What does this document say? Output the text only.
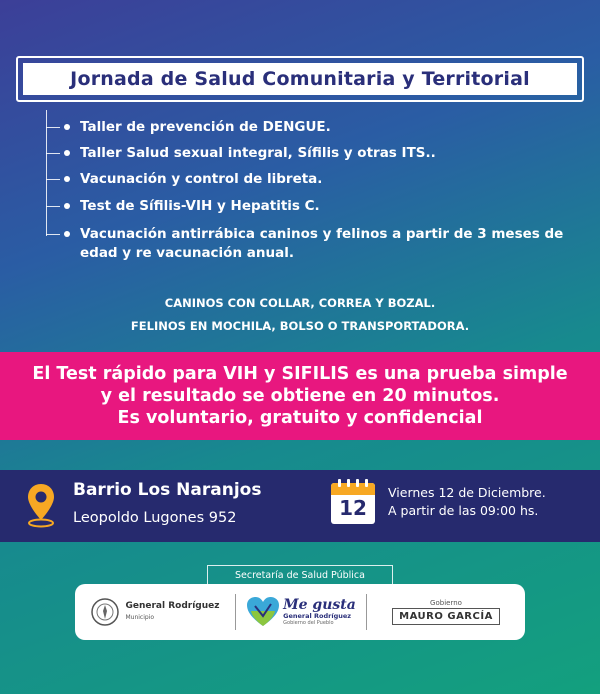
Jornada de Salud Comunitaria y Territorial
Taller de prevención de DENGUE.
Taller Salud sexual integral, Sífilis y otras ITS..
Vacunación y control de libreta.
Test de Sífilis-VIH y Hepatitis C.
Vacunación antirrábica caninos y felinos a partir de 3 meses de edad y re vacunación anual.
CANINOS CON COLLAR, CORREA Y BOZAL.
FELINOS EN MOCHILA, BOLSO O TRANSPORTADORA.
El Test rápido para VIH y SIFILIS es una prueba simple
y el resultado se obtiene en 20 minutos.
Es voluntario, gratuito y confidencial
Barrio Los Naranjos
Leopoldo Lugones 952	12
Viernes 12 de Diciembre.
A partir de las 09:00 hs.
Secretaría de Salud Pública
General Rodríguez
Municipio
Me gusta
General Rodríguez
Gobierno del Pueblo
Gobierno
MAURO GARCÍA
